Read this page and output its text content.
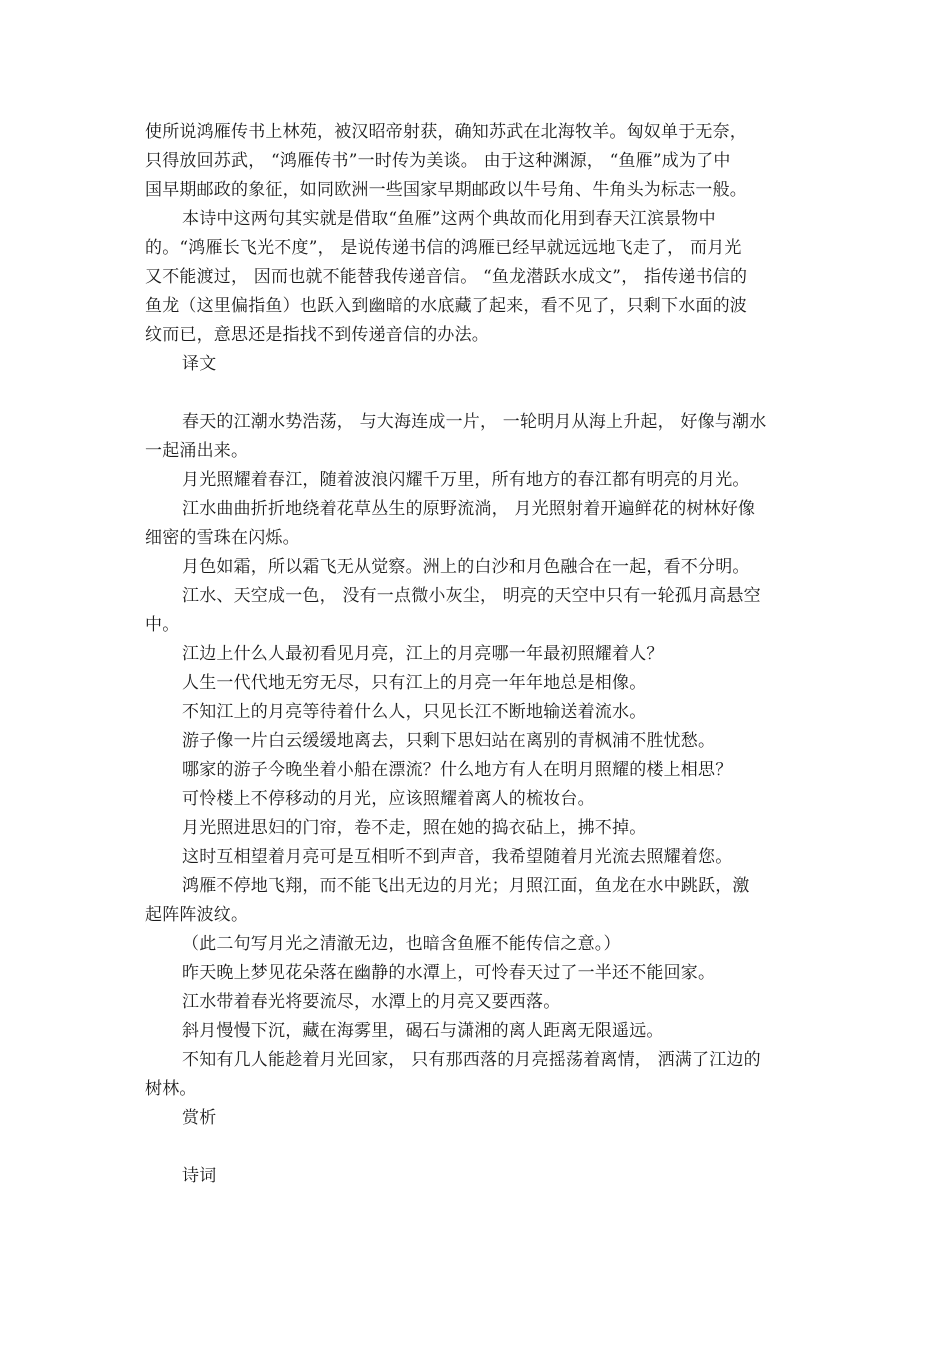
使所说鸿雁传书上林苑，被汉昭帝射获，确知苏武在北海牧羊。匈奴单于无奈，
只得放回苏武， “鸿雁传书”一时传为美谈。 由于这种渊源， “鱼雁”成为了中
国早期邮政的象征，如同欧洲一些国家早期邮政以牛号角、牛角头为标志一般。
本诗中这两句其实就是借取“鱼雁”这两个典故而化用到春天江滨景物中
的。“鸿雁长飞光不度”， 是说传递书信的鸿雁已经早就远远地飞走了， 而月光
又不能渡过， 因而也就不能替我传递音信。 “鱼龙潜跃水成文”， 指传递书信的
鱼龙（这里偏指鱼）也跃入到幽暗的水底藏了起来，看不见了，只剩下水面的波
纹而已，意思还是指找不到传递音信的办法。
译文
春天的江潮水势浩荡， 与大海连成一片， 一轮明月从海上升起， 好像与潮水
一起涌出来。
月光照耀着春江，随着波浪闪耀千万里，所有地方的春江都有明亮的月光。
江水曲曲折折地绕着花草丛生的原野流淌， 月光照射着开遍鲜花的树林好像
细密的雪珠在闪烁。
月色如霜，所以霜飞无从觉察。洲上的白沙和月色融合在一起，看不分明。
江水、天空成一色， 没有一点微小灰尘， 明亮的天空中只有一轮孤月高悬空
中。
江边上什么人最初看见月亮，江上的月亮哪一年最初照耀着人？
人生一代代地无穷无尽，只有江上的月亮一年年地总是相像。
不知江上的月亮等待着什么人，只见长江不断地输送着流水。
游子像一片白云缓缓地离去，只剩下思妇站在离别的青枫浦不胜忧愁。
哪家的游子今晚坐着小船在漂流？什么地方有人在明月照耀的楼上相思？
可怜楼上不停移动的月光，应该照耀着离人的梳妆台。
月光照进思妇的门帘，卷不走，照在她的捣衣砧上，拂不掉。
这时互相望着月亮可是互相听不到声音，我希望随着月光流去照耀着您。
鸿雁不停地飞翔，而不能飞出无边的月光；月照江面，鱼龙在水中跳跃，激
起阵阵波纹。
（此二句写月光之清澈无边，也暗含鱼雁不能传信之意。）
昨天晚上梦见花朵落在幽静的水潭上，可怜春天过了一半还不能回家。
江水带着春光将要流尽，水潭上的月亮又要西落。
斜月慢慢下沉，藏在海雾里，碣石与潇湘的离人距离无限遥远。
不知有几人能趁着月光回家， 只有那西落的月亮摇荡着离情， 洒满了江边的
树林。
赏析
诗词
